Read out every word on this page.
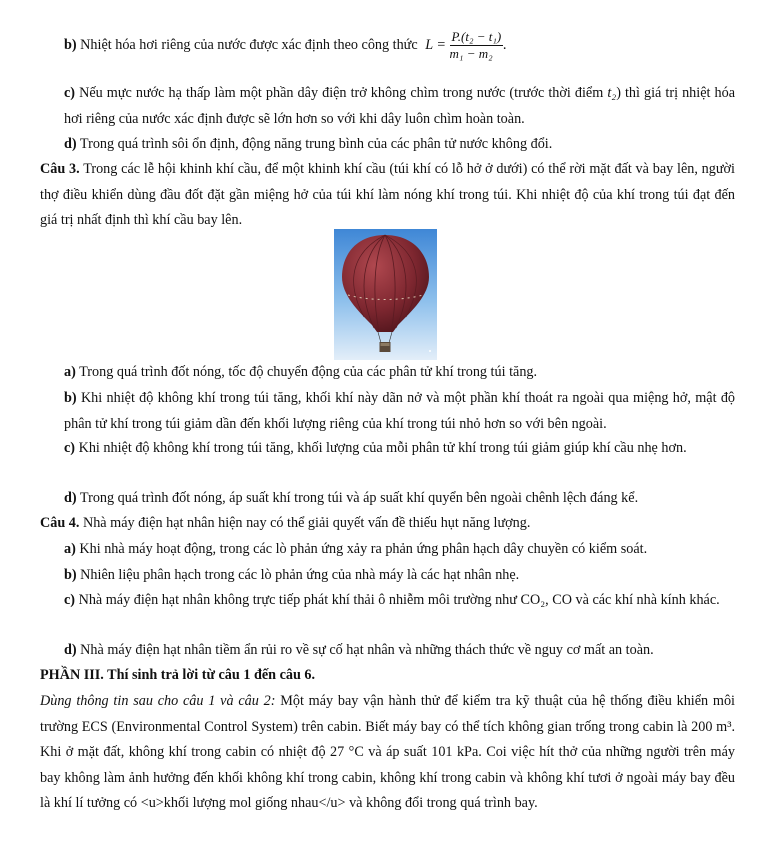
b) Nhiệt hóa hơi riêng của nước được xác định theo công thức $L = \frac{\text{P.(t₂ − t₁)}}{\text{m₁ − m₂}}$ .

c) Nếu mực nước hạ thấp làm một phần dây điện trở không chìm trong nước (trước thời điểm t₂) thì giá trị nhiệt hóa hơi riêng của nước xác định được sẽ lớn hơn so với khi dây luôn chìm hoàn toàn.

d) Trong quá trình sôi ổn định, động năng trung bình của các phân tử nước không đổi.

Câu 3. Trong các lễ hội khinh khí cầu, để một khinh khí cầu (túi khí có lỗ hở ở dưới) có thể rời mặt đất và bay lên, người thợ điều khiển dùng đầu đốt đặt gần miệng hở của túi khí làm nóng khí trong túi. Khi nhiệt độ của khí trong túi đạt đến giá trị nhất định thì khí cầu bay lên.

a) Trong quá trình đốt nóng, tốc độ chuyển động của các phân tử khí trong túi tăng.

b) Khi nhiệt độ không khí trong túi tăng, khối khí này dãn nở và một phần khí thoát ra ngoài qua miệng hở, mật độ phân tử khí trong túi giảm dần đến khối lượng riêng của khí trong túi nhỏ hơn so với bên ngoài.

c) Khi nhiệt độ không khí trong túi tăng, khối lượng của mỗi phân tử khí trong túi giảm giúp khí cầu nhẹ hơn.

d) Trong quá trình đốt nóng, áp suất khí trong túi và áp suất khí quyển bên ngoài chênh lệch đáng kể.

Câu 4. Nhà máy điện hạt nhân hiện nay có thể giải quyết vấn đề thiếu hụt năng lượng.

a) Khi nhà máy hoạt động, trong các lò phản ứng xảy ra phản ứng phân hạch dây chuyền có kiểm soát.

b) Nhiên liệu phân hạch trong các lò phản ứng của nhà máy là các hạt nhân nhẹ.

c) Nhà máy điện hạt nhân không trực tiếp phát khí thải ô nhiễm môi trường như CO₂, CO và các khí nhà kính khác.

d) Nhà máy điện hạt nhân tiềm ẩn rủi ro về sự cố hạt nhân và những thách thức về nguy cơ mất an toàn.

PHẦN III. Thí sinh trả lời từ câu 1 đến câu 6.

Dùng thông tin sau cho câu 1 và câu 2: Một máy bay vận hành thử để kiểm tra kỹ thuật của hệ thống điều khiển môi trường ECS (Environmental Control System) trên cabin. Biết máy bay có thể tích không gian trống trong cabin là 200 m³. Khi ở mặt đất, không khí trong cabin có nhiệt độ 27 °C và áp suất 101 kPa. Coi việc hít thở của những người trên máy bay không làm ảnh hưởng đến khối không khí trong cabin, không khí trong cabin và không khí tươi ở ngoài máy bay đều là khí lí tưởng có <u>khối lượng mol giống nhau</u> và không đổi trong quá trình bay.
